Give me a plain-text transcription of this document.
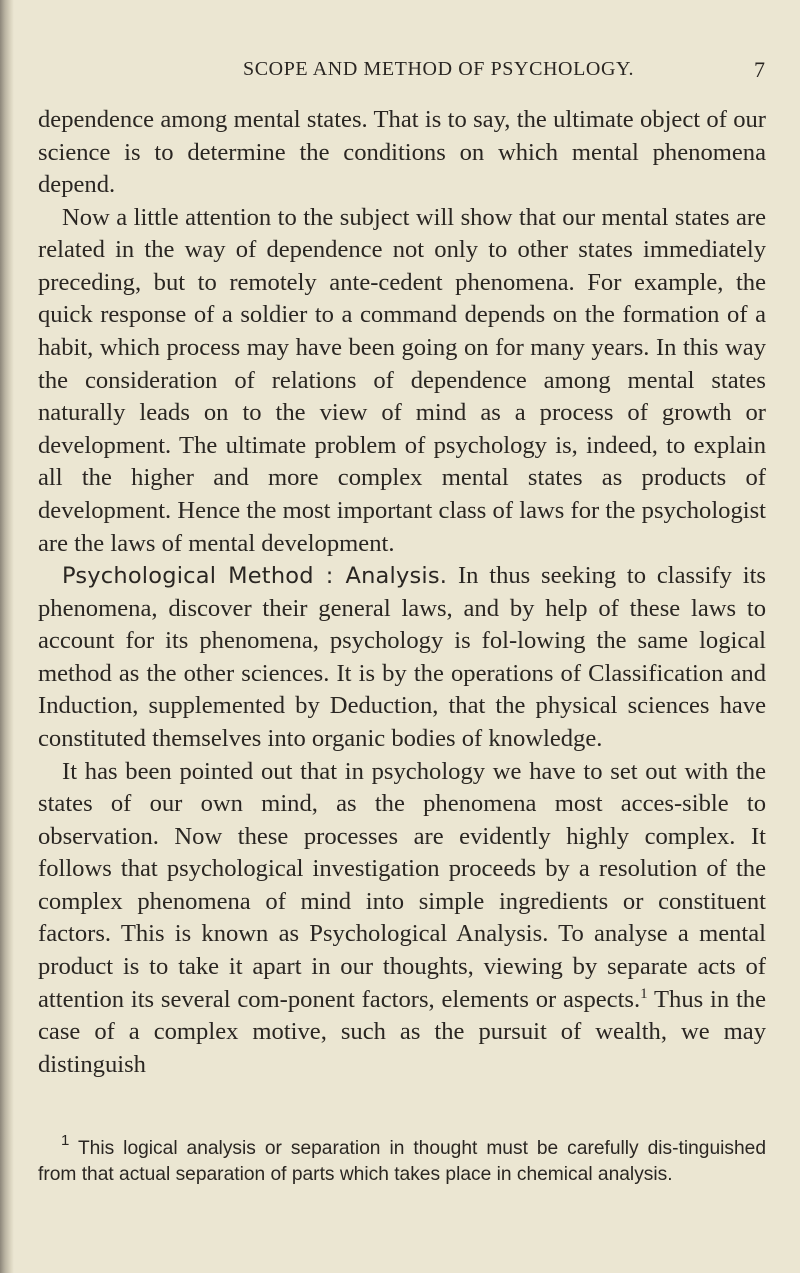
SCOPE AND METHOD OF PSYCHOLOGY.	7

dependence among mental states. That is to say, the ultimate object of our science is to determine the conditions on which mental phenomena depend.

Now a little attention to the subject will show that our mental states are related in the way of dependence not only to other states immediately preceding, but to remotely ante-cedent phenomena. For example, the quick response of a soldier to a command depends on the formation of a habit, which process may have been going on for many years. In this way the consideration of relations of dependence among mental states naturally leads on to the view of mind as a process of growth or development. The ultimate problem of psychology is, indeed, to explain all the higher and more complex mental states as products of development. Hence the most important class of laws for the psychologist are the laws of mental development.

Psychological Method : Analysis. In thus seeking to classify its phenomena, discover their general laws, and by help of these laws to account for its phenomena, psychology is fol-lowing the same logical method as the other sciences. It is by the operations of Classification and Induction, supplemented by Deduction, that the physical sciences have constituted themselves into organic bodies of knowledge.

It has been pointed out that in psychology we have to set out with the states of our own mind, as the phenomena most acces-sible to observation. Now these processes are evidently highly complex. It follows that psychological investigation proceeds by a resolution of the complex phenomena of mind into simple ingredients or constituent factors. This is known as Psychological Analysis. To analyse a mental product is to take it apart in our thoughts, viewing by separate acts of attention its several com-ponent factors, elements or aspects.$^1$ Thus in the case of a complex motive, such as the pursuit of wealth, we may distinguish

$^1$ This logical analysis or separation in thought must be carefully dis-tinguished from that actual separation of parts which takes place in chemical analysis.
